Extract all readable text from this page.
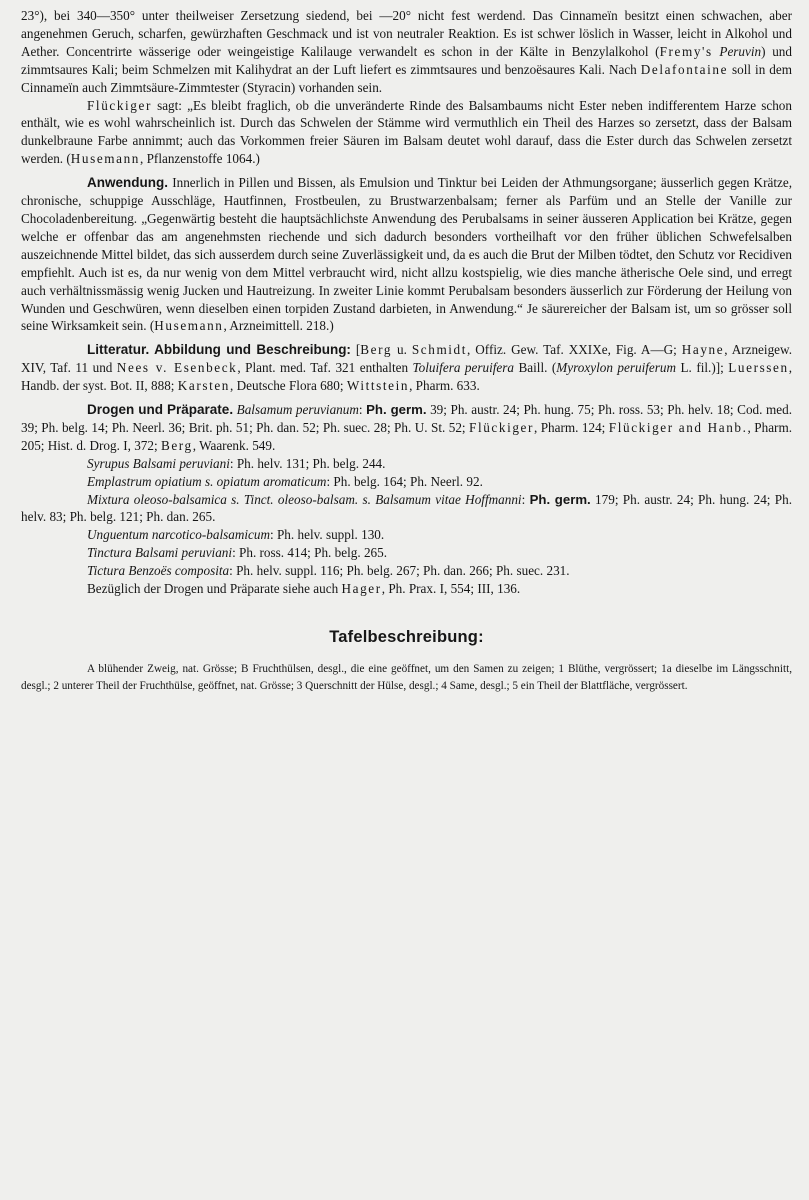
23°), bei 340—350° unter theilweiser Zersetzung siedend, bei —20° nicht fest werdend. Das Cinnameïn besitzt einen schwachen, aber angenehmen Geruch, scharfen, gewürzhaften Geschmack und ist von neutraler Reaktion. Es ist schwer löslich in Wasser, leicht in Alkohol und Aether. Concentrirte wässerige oder weingeistige Kalilauge verwandelt es schon in der Kälte in Benzylalkohol (Fremy's Peruvin) und zimmtsaures Kali; beim Schmelzen mit Kalihydrat an der Luft liefert es zimmtsaures und benzoësaures Kali. Nach Delafontaine soll in dem Cinnameïn auch Zimmtsäure-Zimmtester (Styracin) vorhanden sein.

Flückiger sagt: „Es bleibt fraglich, ob die unveränderte Rinde des Balsambaums nicht Ester neben indifferentem Harze schon enthält, wie es wohl wahrscheinlich ist. Durch das Schwelen der Stämme wird vermuthlich ein Theil des Harzes so zersetzt, dass der Balsam dunkelbraune Farbe annimmt; auch das Vorkommen freier Säuren im Balsam deutet wohl darauf, dass die Ester durch das Schwelen zersetzt werden. (Husemann, Pflanzenstoffe 1064.)

Anwendung. Innerlich in Pillen und Bissen, als Emulsion und Tinktur bei Leiden der Athmungsorgane; äusserlich gegen Krätze, chronische, schuppige Ausschläge, Hautfinnen, Frostbeulen, zu Brustwarzenbalsam; ferner als Parfüm und an Stelle der Vanille zur Chocoladenbereitung. „Gegenwärtig besteht die hauptsächlichste Anwendung des Perubalsams in seiner äusseren Application bei Krätze, gegen welche er offenbar das am angenehmsten riechende und sich dadurch besonders vortheilhaft vor den früher üblichen Schwefelsalben auszeichnende Mittel bildet, das sich ausserdem durch seine Zuverlässigkeit und, da es auch die Brut der Milben tödtet, den Schutz vor Recidiven empfiehlt. Auch ist es, da nur wenig von dem Mittel verbraucht wird, nicht allzu kostspielig, wie dies manche ätherische Oele sind, und erregt auch verhältnissmässig wenig Jucken und Hautreizung. In zweiter Linie kommt Perubalsam besonders äusserlich zur Förderung der Heilung von Wunden und Geschwüren, wenn dieselben einen torpiden Zustand darbieten, in Anwendung.“ Je säurereicher der Balsam ist, um so grösser soll seine Wirksamkeit sein. (Husemann, Arzneimittell. 218.)

Litteratur. Abbildung und Beschreibung: [Berg u. Schmidt, Offiz. Gew. Taf. XXIXe, Fig. A—G; Hayne, Arzneigew. XIV, Taf. 11 und Nees v. Esenbeck, Plant. med. Taf. 321 enthalten Toluifera peruifera Baill. (Myroxylon peruiferum L. fil.)]; Luerssen, Handb. der syst. Bot. II, 888; Karsten, Deutsche Flora 680; Wittstein, Pharm. 633.

Drogen und Präparate. Balsamum peruvianum: Ph. germ. 39; Ph. austr. 24; Ph. hung. 75; Ph. ross. 53; Ph. helv. 18; Cod. med. 39; Ph. belg. 14; Ph. Neerl. 36; Brit. ph. 51; Ph. dan. 52; Ph. suec. 28; Ph. U. St. 52; Flückiger, Pharm. 124; Flückiger and Hanb., Pharm. 205; Hist. d. Drog. I, 372; Berg, Waarenk. 549.

Syrupus Balsami peruviani: Ph. helv. 131; Ph. belg. 244.

Emplastrum opiatium s. opiatum aromaticum: Ph. belg. 164; Ph. Neerl. 92.

Mixtura oleoso-balsamica s. Tinct. oleoso-balsam. s. Balsamum vitae Hoffmanni: Ph. germ. 179; Ph. austr. 24; Ph. hung. 24; Ph. helv. 83; Ph. belg. 121; Ph. dan. 265.

Unguentum narcotico-balsamicum: Ph. helv. suppl. 130.

Tinctura Balsami peruviani: Ph. ross. 414; Ph. belg. 265.

Tictura Benzoës composita: Ph. helv. suppl. 116; Ph. belg. 267; Ph. dan. 266; Ph. suec. 231.

Bezüglich der Drogen und Präparate siehe auch Hager, Ph. Prax. I, 554; III, 136.

Tafelbeschreibung:

A blühender Zweig, nat. Grösse; B Fruchthülsen, desgl., die eine geöffnet, um den Samen zu zeigen; 1 Blüthe, vergrössert; 1a dieselbe im Längsschnitt, desgl.; 2 unterer Theil der Fruchthülse, geöffnet, nat. Grösse; 3 Querschnitt der Hülse, desgl.; 4 Same, desgl.; 5 ein Theil der Blattfläche, vergrössert.
